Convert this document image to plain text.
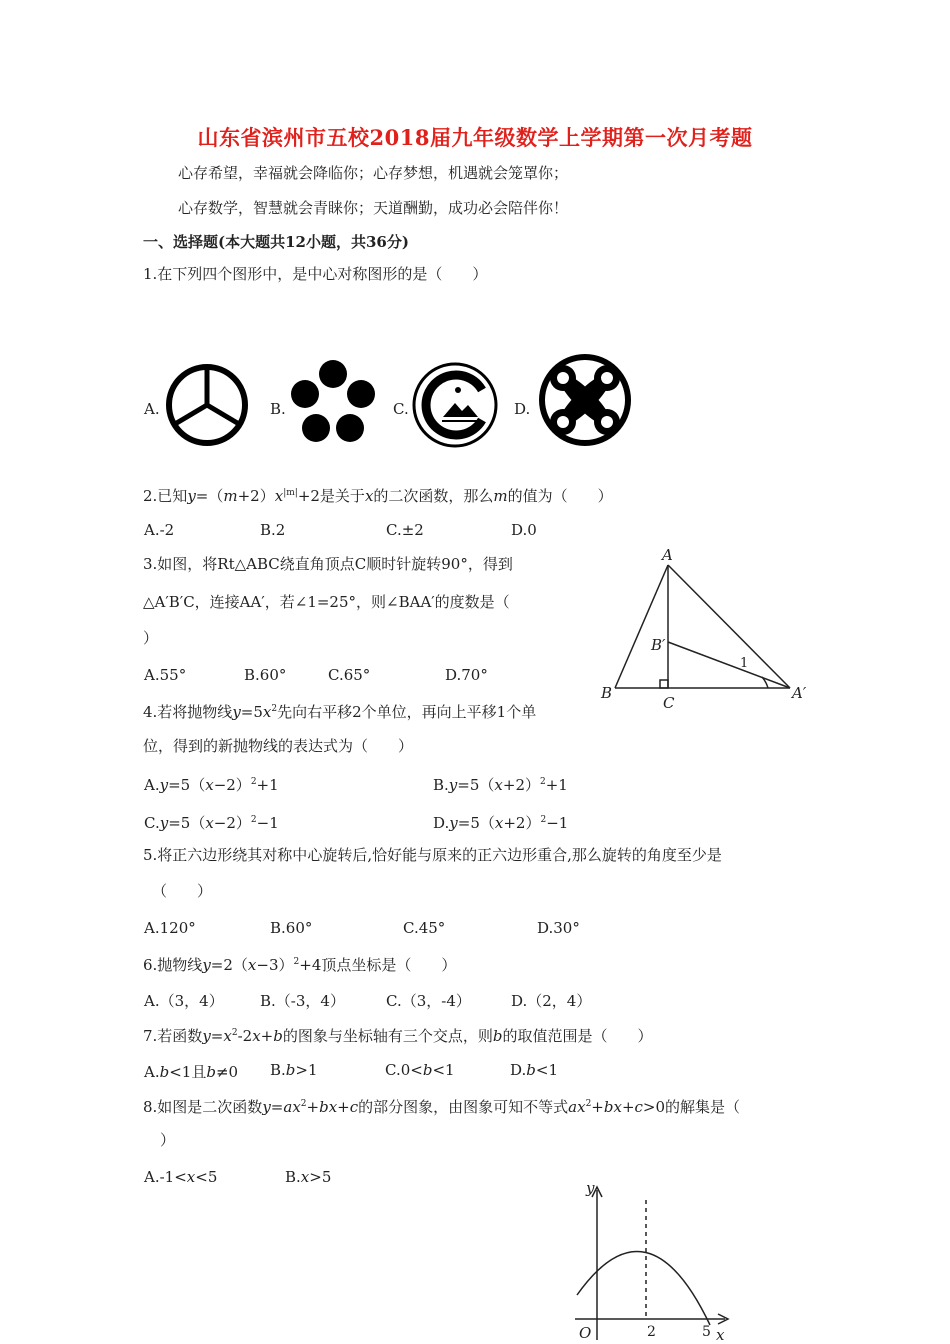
山东省滨州市五校2018届九年级数学上学期第一次月考题
心存希望，幸福就会降临你；心存梦想，机遇就会笼罩你；
心存数学，智慧就会青睐你；天道酬勤，成功必会陪伴你！
一、选择题(本大题共12小题，共36分)
1.在下列四个图形中，是中心对称图形的是（　　）
A.	B.	C.	D.
2.已知$y=(m+2)x^{|m|}+2$是关于x的二次函数，那么m的值为（　　）
A.-2	B.2	C.±2	D.0
3.如图，将Rt△ABC绕直角顶点C顺时针旋转90°，得到
△A′B′C，连接AA′，若∠1=25°，则∠BAA′的度数是（
）
A.55°	B.60°	C.65°	D.70°
A
B
C
B′
A′
1
4.若将抛物线$y=5x^2$先向右平移2个单位，再向上平移1个单
位，得到的新抛物线的表达式为（　　）
$A.y=5(x-2)^2+1$	$B.y=5(x+2)^2+1$
$C.y=5(x-2)^2-1$	$D.y=5(x+2)^2-1$
5.将正六边形绕其对称中心旋转后,恰好能与原来的正六边形重合,那么旋转的角度至少是
（　　）
A.120°	B.60°	C.45°	D.30°
6.抛物线$y=2(x-3)^2+4$顶点坐标是（　　）
A.（3，4） B.（-3，4）	C.（3，-4）	D.（2，4）
7.若函数$y=x^2-2x+b$的图象与坐标轴有三个交点，则b的取值范围是（　　）
A.b<1且b≠0 B.b>1	C.0<b<1	D.b<1
8.如图是二次函数$y=ax^2+bx+c$的部分图象，由图象可知不等式$ax^2+bx+c>0$的解集是（
）
A.-1<x<5	B.x>5
y
x
O	2	5
